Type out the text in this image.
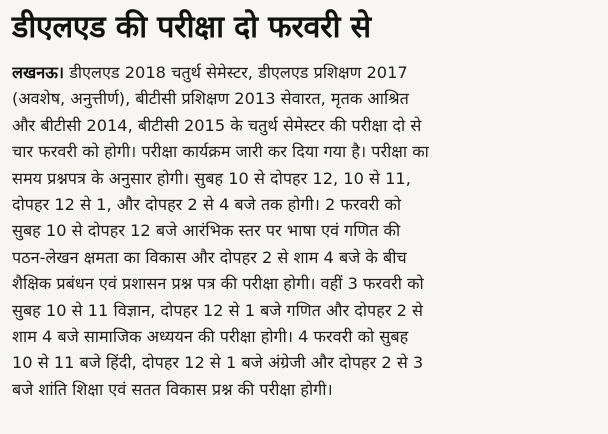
डीएलएड की परीक्षा दो फरवरी से
लखनऊ। डीएलएड 2018 चतुर्थ सेमेस्टर, डीएलएड प्रशिक्षण 2017
(अवशेष, अनुत्तीर्ण), बीटीसी प्रशिक्षण 2013 सेवारत, मृतक आश्रित
और बीटीसी 2014, बीटीसी 2015 के चतुर्थ सेमेस्टर की परीक्षा दो से
चार फरवरी को होगी। परीक्षा कार्यक्रम जारी कर दिया गया है। परीक्षा का
समय प्रश्नपत्र के अनुसार होगी। सुबह 10 से दोपहर 12, 10 से 11,
दोपहर 12 से 1, और दोपहर 2 से 4 बजे तक होगी। 2 फरवरी को
सुबह 10 से दोपहर 12 बजे आरंभिक स्तर पर भाषा एवं गणित की
पठन-लेखन क्षमता का विकास और दोपहर 2 से शाम 4 बजे के बीच
शैक्षिक प्रबंधन एवं प्रशासन प्रश्न पत्र की परीक्षा होगी। वहीं 3 फरवरी को
सुबह 10 से 11 विज्ञान, दोपहर 12 से 1 बजे गणित और दोपहर 2 से
शाम 4 बजे सामाजिक अध्ययन की परीक्षा होगी। 4 फरवरी को सुबह
10 से 11 बजे हिंदी, दोपहर 12 से 1 बजे अंग्रेजी और दोपहर 2 से 3
बजे शांति शिक्षा एवं सतत विकास प्रश्न की परीक्षा होगी।
